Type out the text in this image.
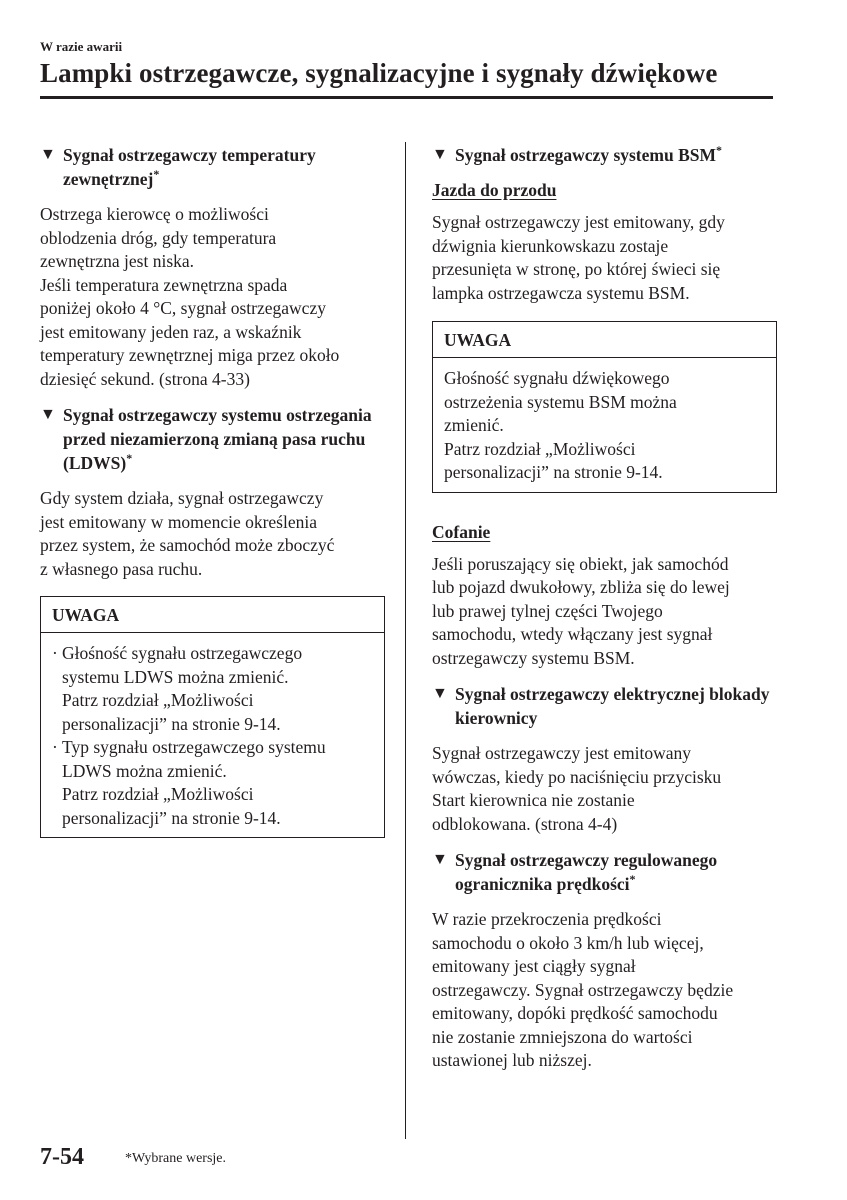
W razie awarii
Lampki ostrzegawcze, sygnalizacyjne i sygnały dźwiękowe
▼ Sygnał ostrzegawczy temperatury zewnętrznej*
Ostrzega kierowcę o możliwości
oblodzenia dróg, gdy temperatura
zewnętrzna jest niska.
Jeśli temperatura zewnętrzna spada
poniżej około 4 °C, sygnał ostrzegawczy
jest emitowany jeden raz, a wskaźnik
temperatury zewnętrznej miga przez około
dziesięć sekund. (strona 4-33)
▼ Sygnał ostrzegawczy systemu ostrzegania przed niezamierzoną zmianą pasa ruchu (LDWS)*
Gdy system działa, sygnał ostrzegawczy
jest emitowany w momencie określenia
przez system, że samochód może zboczyć
z własnego pasa ruchu.
UWAGA
· Głośność sygnału ostrzegawczego
systemu LDWS można zmienić.
Patrz rozdział „Możliwości
personalizacji” na stronie 9-14.
· Typ sygnału ostrzegawczego systemu
LDWS można zmienić.
Patrz rozdział „Możliwości
personalizacji” na stronie 9-14.
▼ Sygnał ostrzegawczy systemu BSM*
Jazda do przodu
Sygnał ostrzegawczy jest emitowany, gdy
dźwignia kierunkowskazu zostaje
przesunięta w stronę, po której świeci się
lampka ostrzegawcza systemu BSM.
UWAGA
Głośność sygnału dźwiękowego
ostrzeżenia systemu BSM można
zmienić.
Patrz rozdział „Możliwości
personalizacji” na stronie 9-14.
Cofanie
Jeśli poruszający się obiekt, jak samochód
lub pojazd dwukołowy, zbliża się do lewej
lub prawej tylnej części Twojego
samochodu, wtedy włączany jest sygnał
ostrzegawczy systemu BSM.
▼ Sygnał ostrzegawczy elektrycznej blokady kierownicy
Sygnał ostrzegawczy jest emitowany
wówczas, kiedy po naciśnięciu przycisku
Start kierownica nie zostanie
odblokowana. (strona 4-4)
▼ Sygnał ostrzegawczy regulowanego ogranicznika prędkości*
W razie przekroczenia prędkości
samochodu o około 3 km/h lub więcej,
emitowany jest ciągły sygnał
ostrzegawczy. Sygnał ostrzegawczy będzie
emitowany, dopóki prędkość samochodu
nie zostanie zmniejszona do wartości
ustawionej lub niższej.
7-54	*Wybrane wersje.
